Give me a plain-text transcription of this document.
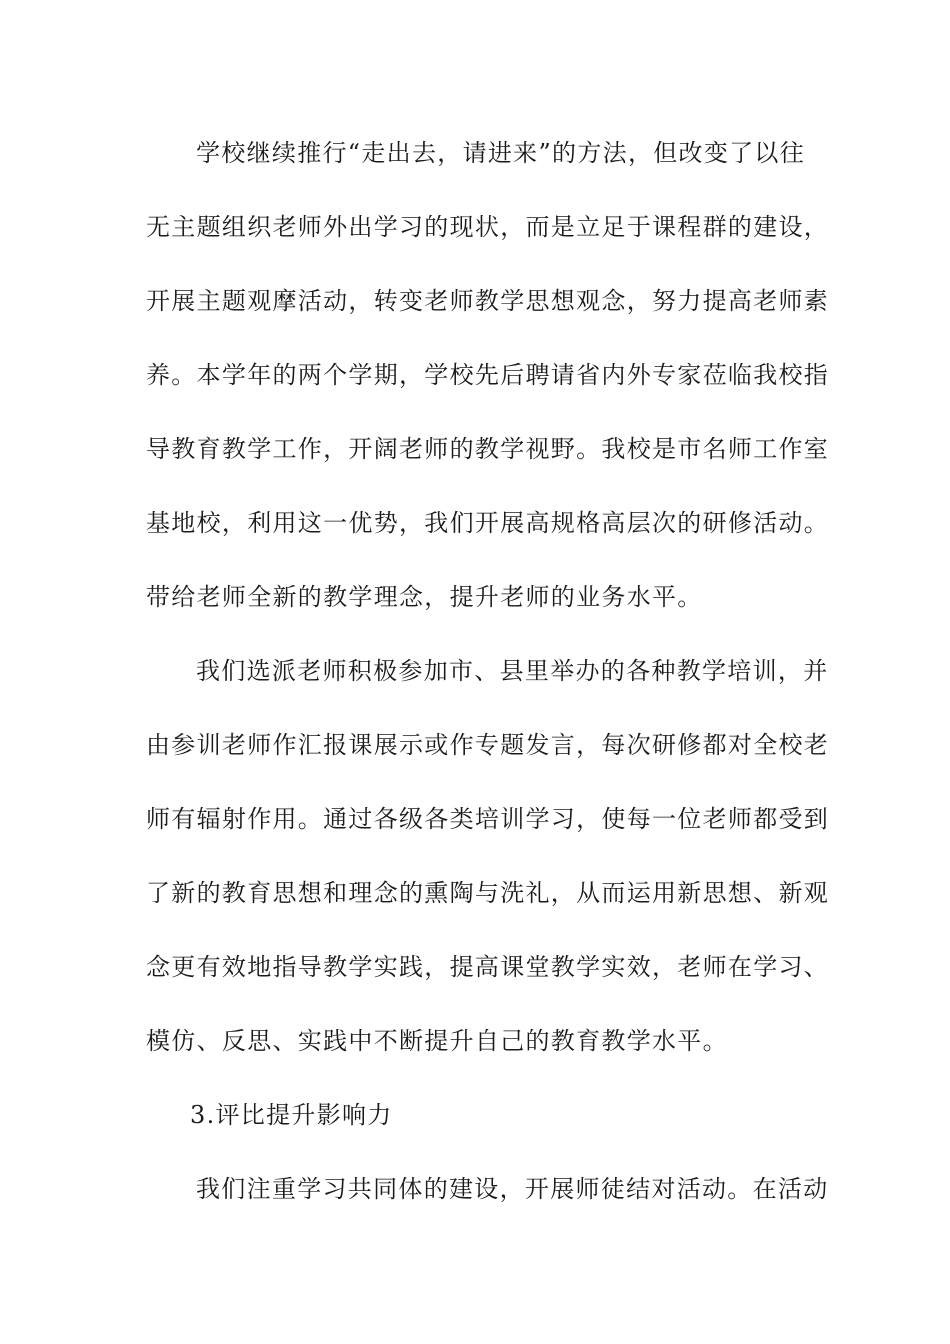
学校继续推行“走出去，请进来”的方法，但改变了以往
无主题组织老师外出学习的现状，而是立足于课程群的建设，
开展主题观摩活动，转变老师教学思想观念，努力提高老师素
养。本学年的两个学期，学校先后聘请省内外专家莅临我校指
导教育教学工作，开阔老师的教学视野。我校是市名师工作室
基地校，利用这一优势，我们开展高规格高层次的研修活动。
带给老师全新的教学理念，提升老师的业务水平。
我们选派老师积极参加市、县里举办的各种教学培训，并
由参训老师作汇报课展示或作专题发言，每次研修都对全校老
师有辐射作用。通过各级各类培训学习，使每一位老师都受到
了新的教育思想和理念的熏陶与洗礼，从而运用新思想、新观
念更有效地指导教学实践，提高课堂教学实效，老师在学习、
模仿、反思、实践中不断提升自己的教育教学水平。
3.评比提升影响力
我们注重学习共同体的建设，开展师徒结对活动。在活动
